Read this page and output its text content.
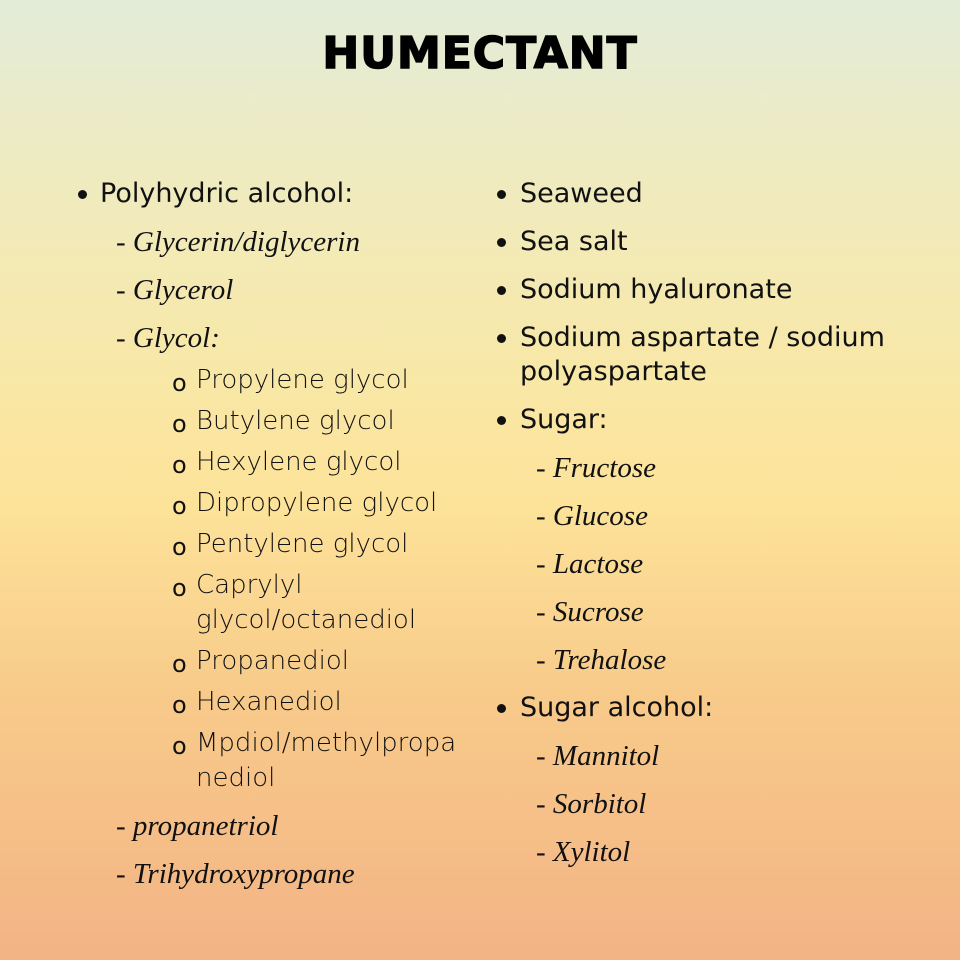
HUMECTANT
Polyhydric alcohol:
- Glycerin/diglycerin
- Glycerol
- Glycol:
o Propylene glycol
o Butylene glycol
o Hexylene glycol
o Dipropylene glycol
o Pentylene glycol
o Caprylyl
glycol/octanediol
o Propanediol
o Hexanediol
o Mpdiol/methylpropa
nediol
- propanetriol
- Trihydroxypropane
Seaweed
Sea salt
Sodium hyaluronate
Sodium aspartate / sodium
polyaspartate
Sugar:
- Fructose
- Glucose
- Lactose
- Sucrose
- Trehalose
Sugar alcohol:
- Mannitol
- Sorbitol
- Xylitol
